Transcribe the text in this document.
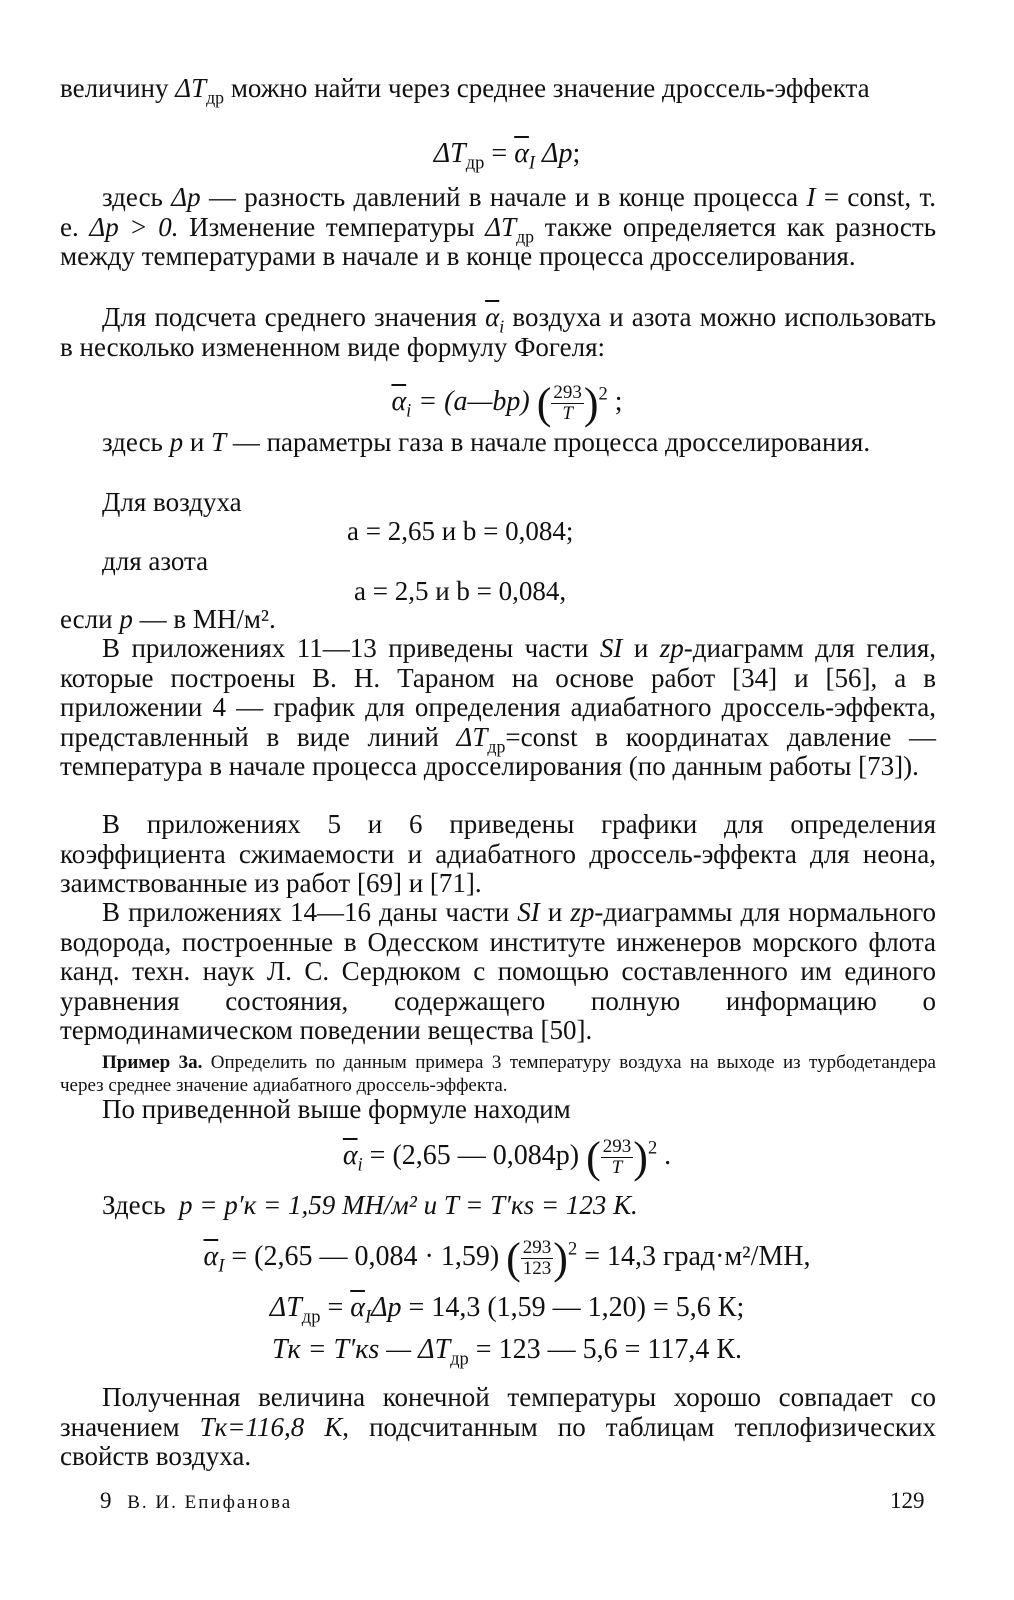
величину $\Delta T_{др}$ можно найти через среднее значение дроссель-эффекта

$\Delta T_{др} = \overline{\alpha}_I$ Δp;

здесь Δp — разность давлений в начале и в конце процесса I = const, т. е. Δp > 0. Изменение температуры $\Delta T_{др}$ также определяется как разность между температурами в начале и в конце процесса дросселирования.

Для подсчета среднего значения $\overline{\alpha}_i$ воздуха и азота можно использовать в несколько измененном виде формулу Фогеля:

$\overline{\alpha}_i$ = (a—bp) ( $\frac{293}{T} )^2$ ;

здесь p и T — параметры газа в начале процесса дросселирования.

Для воздуха
а = 2,65 и b = 0,084;
для азота
а = 2,5 и b = 0,084,
если p — в МН/м².

В приложениях 11—13 приведены части SI и zp-диаграмм для гелия, которые построены В. Н. Тараном на основе работ [34] и [56], а в приложении 4 — график для определения адиабатного дроссель-эффекта, представленный в виде линий $\Delta T_{др}=const$ в координатах давление — температура в начале процесса дросселирования (по данным работы [73]).

В приложениях 5 и 6 приведены графики для определения коэффициента сжимаемости и адиабатного дроссель-эффекта для неона, заимствованные из работ [69] и [71].

В приложениях 14—16 даны части SI и zp-диаграммы для нормального водорода, построенные в Одесском институте инженеров морского флота канд. техн. наук Л. С. Сердюком с помощью составленного им единого уравнения состояния, содержащего полную информацию о термодинамическом поведении вещества [50].

Пример 3а. Определить по данным примера 3 температуру воздуха на выходе из турбодетандера через среднее значение адиабатного дроссель-эффекта.

По приведенной выше формуле находим
$\overline{\alpha}_i = (2,65$ — 0,084p) ( $\frac{293}{T} )^2$ .
Здесь p = p′к = 1,59 МН/м² и T = T′кs = 123 К.
$\overline{\alpha}_I = (2,65$ — 0,084 · 1,59) ( $\frac{293}{123} )^2 = 14,3$ град·м²/МН,
$\Delta T_{др} = \overline{\alpha}_I\Delta p = 14,3$ (1,59 — 1,20) = 5,6 К;
Tк = T′кs — $\Delta T_{др} = 123$ — 5,6 = 117,4 К.

Полученная величина конечной температуры хорошо совпадает со значением Tк=116,8 К, подсчитанным по таблицам теплофизических свойств воздуха.

9 В. И. Епифанова	129
